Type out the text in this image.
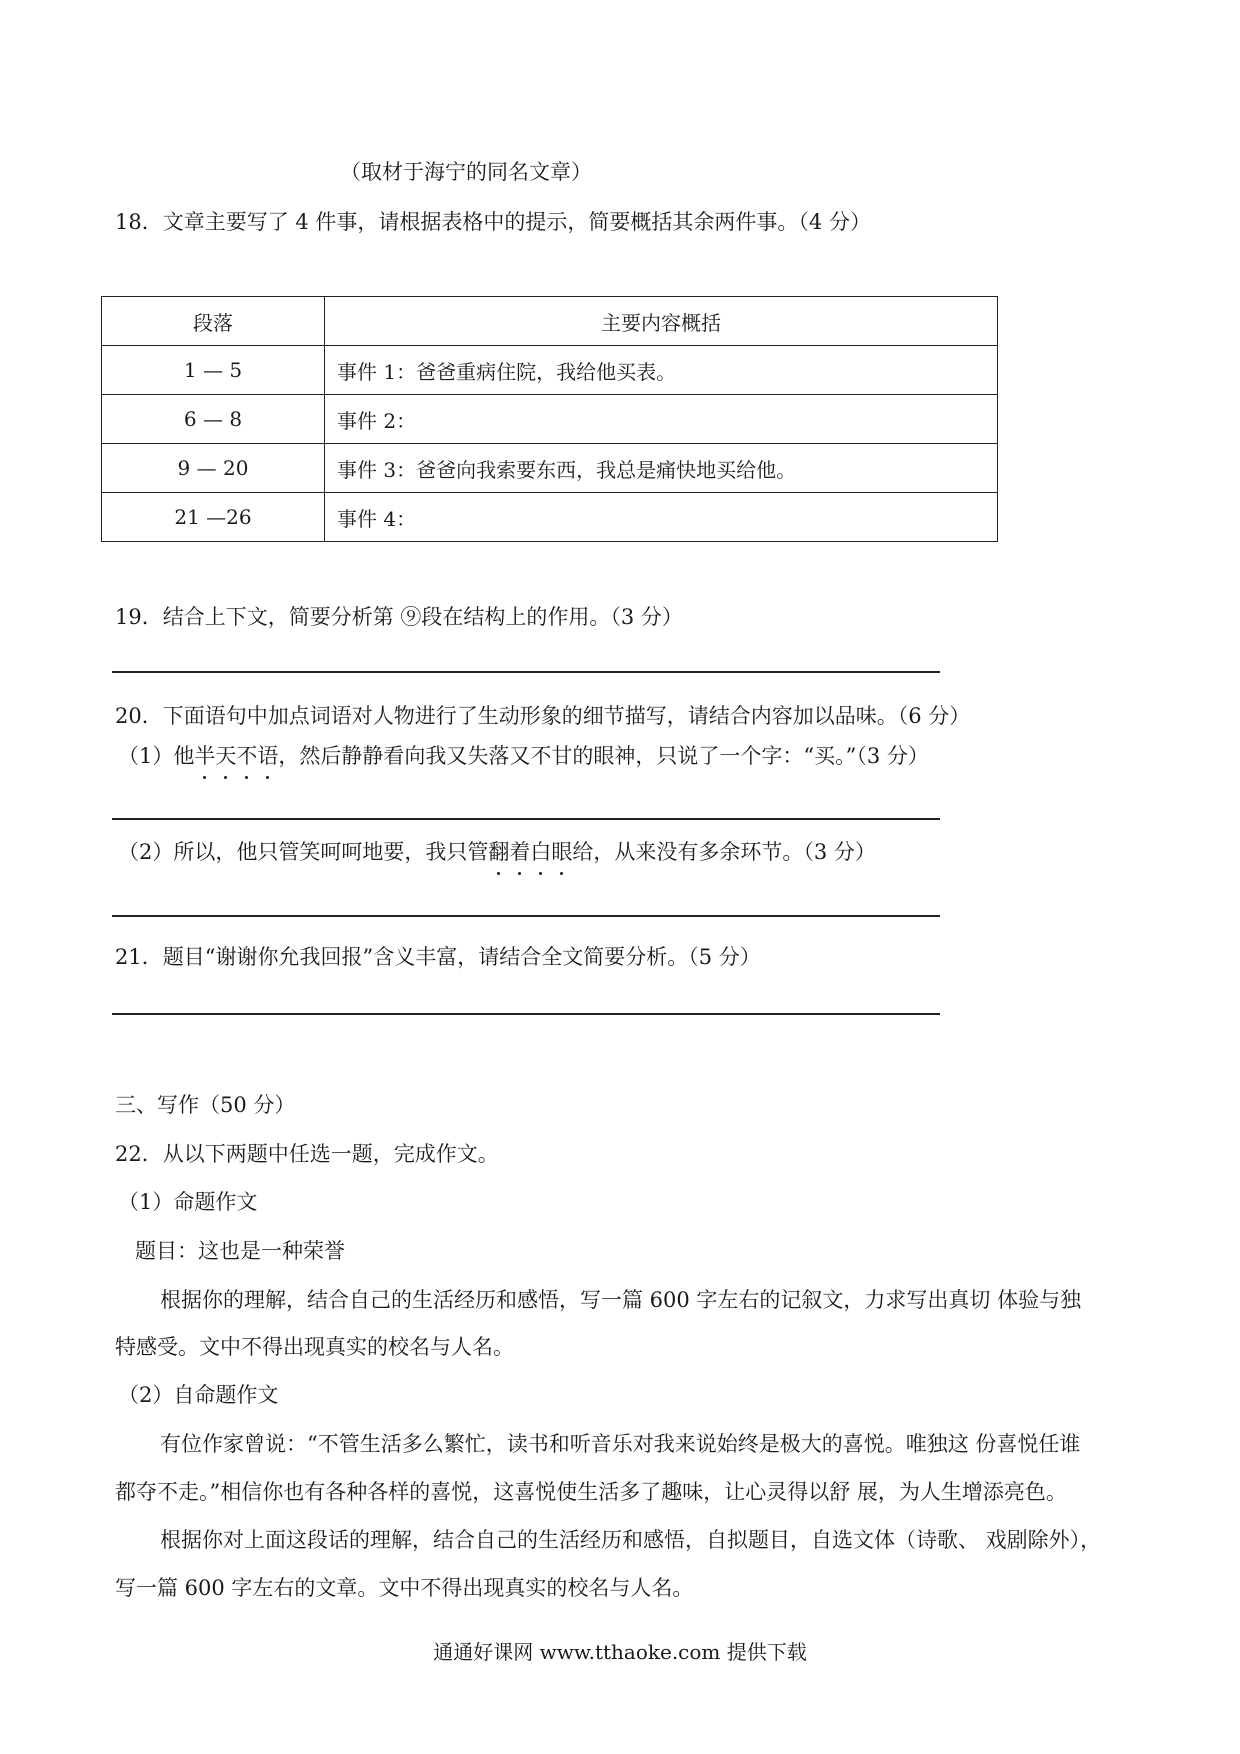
（取材于海宁的同名文章）
18．文章主要写了 4 件事，请根据表格中的提示，简要概括其余两件事。（4 分）
段落	主要内容概括
1 — 5	事件 1：爸爸重病住院，我给他买表。
6 — 8	事件 2：
9 — 20	事件 3：爸爸向我索要东西，我总是痛快地买给他。
21 —26	事件 4：
19．结合上下文，简要分析第 ⑨段在结构上的作用。（3 分）
20．下面语句中加点词语对人物进行了生动形象的细节描写，请结合内容加以品味。（6 分）
（1）他半天不语，然后静静看向我又失落又不甘的眼神，只说了一个字：“买。”（3 分）
（2）所以，他只管笑呵呵地要，我只管翻着白眼给，从来没有多余环节。（3 分）
21．题目“谢谢你允我回报”含义丰富，请结合全文简要分析。（5 分）
三、写作（50 分）
22．从以下两题中任选一题，完成作文。
（1）命题作文
题目：这也是一种荣誉
根据你的理解，结合自己的生活经历和感悟，写一篇 600 字左右的记叙文，力求写出真切 体验与独
特感受。文中不得出现真实的校名与人名。
（2）自命题作文
有位作家曾说：“不管生活多么繁忙，读书和听音乐对我来说始终是极大的喜悦。唯独这 份喜悦任谁
都夺不走。”相信你也有各种各样的喜悦，这喜悦使生活多了趣味，让心灵得以舒 展，为人生增添亮色。
根据你对上面这段话的理解，结合自己的生活经历和感悟，自拟题目，自选文体（诗歌、 戏剧除外），
写一篇 600 字左右的文章。文中不得出现真实的校名与人名。
通通好课网 www.tthaoke.com 提供下载
